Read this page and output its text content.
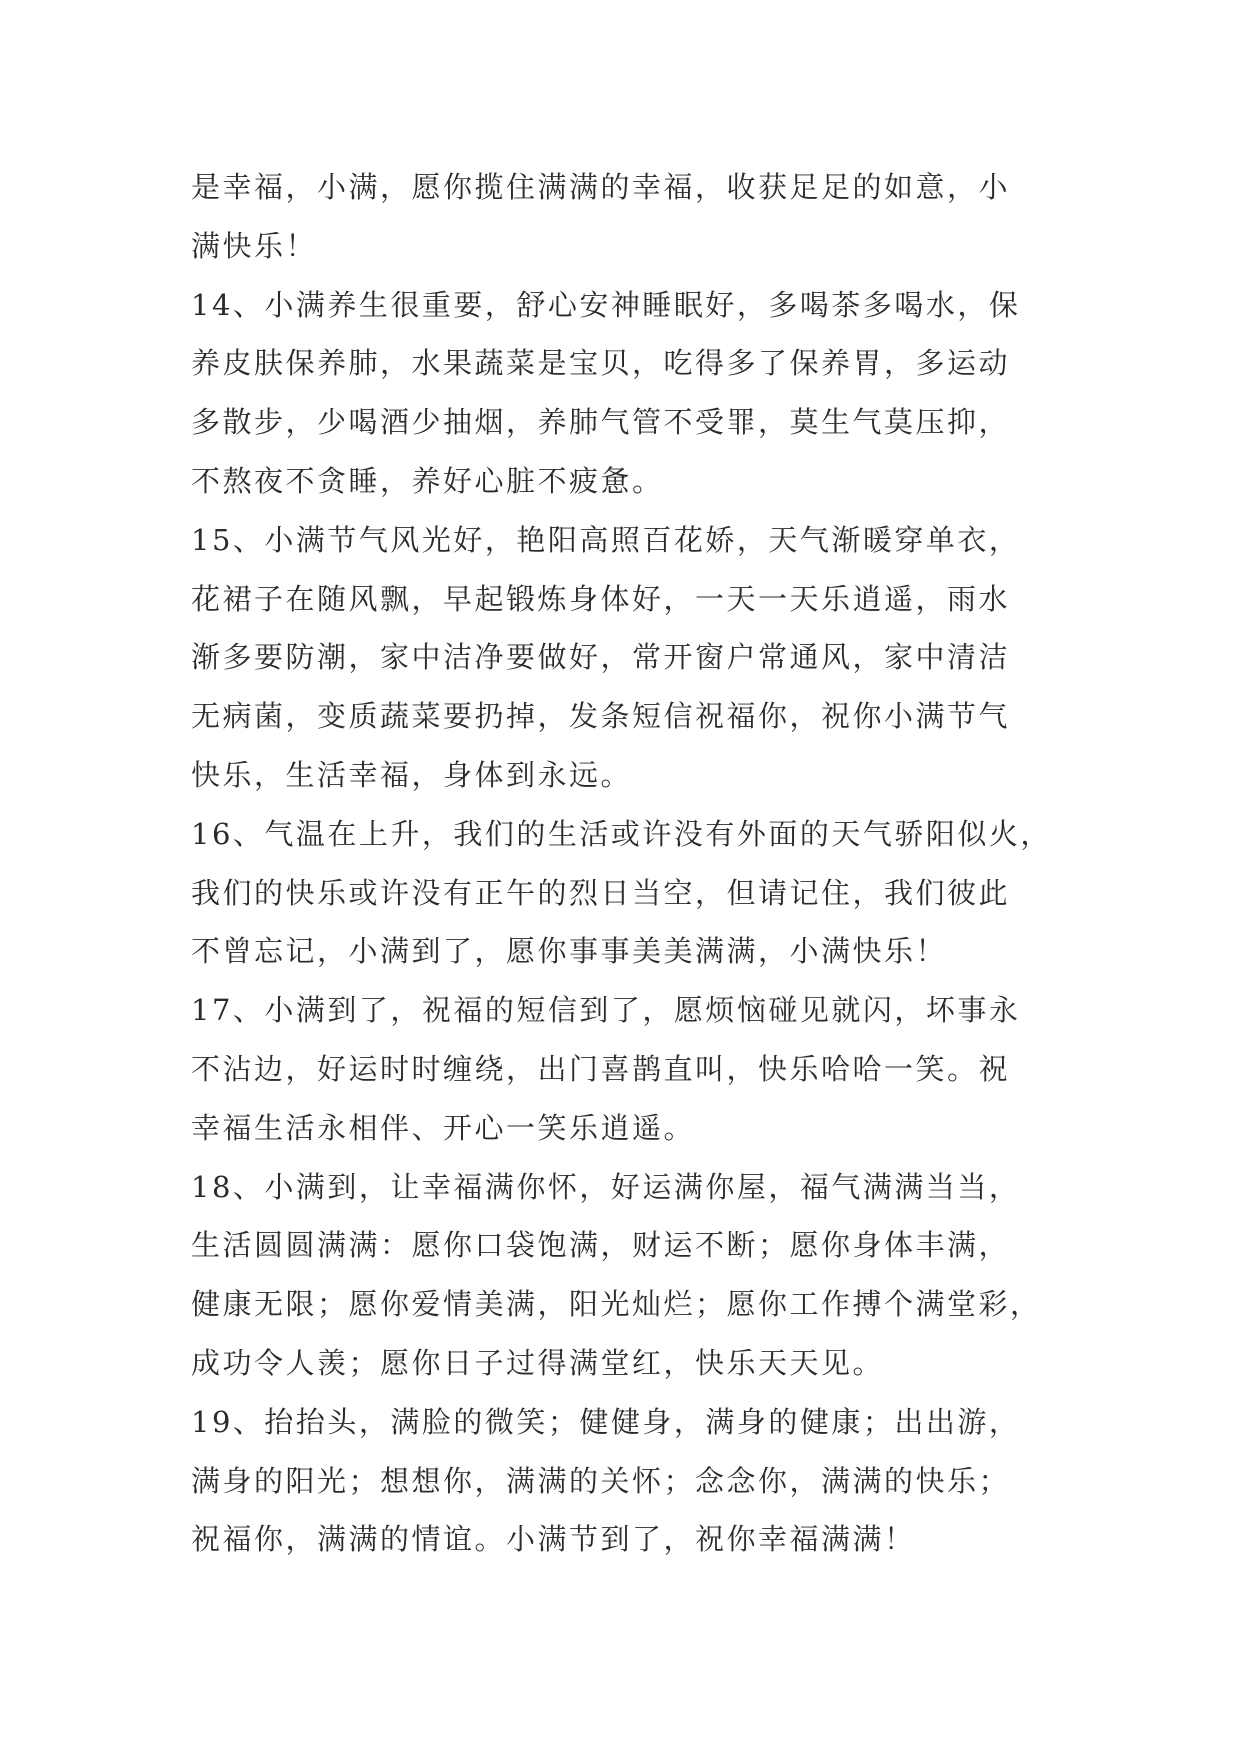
是幸福，小满，愿你揽住满满的幸福，收获足足的如意，小
满快乐！
14、小满养生很重要，舒心安神睡眠好，多喝茶多喝水，保
养皮肤保养肺，水果蔬菜是宝贝，吃得多了保养胃，多运动
多散步，少喝酒少抽烟，养肺气管不受罪，莫生气莫压抑，
不熬夜不贪睡，养好心脏不疲惫。
15、小满节气风光好，艳阳高照百花娇，天气渐暖穿单衣，
花裙子在随风飘，早起锻炼身体好，一天一天乐逍遥，雨水
渐多要防潮，家中洁净要做好，常开窗户常通风，家中清洁
无病菌，变质蔬菜要扔掉，发条短信祝福你，祝你小满节气
快乐，生活幸福，身体到永远。
16、气温在上升，我们的生活或许没有外面的天气骄阳似火，
我们的快乐或许没有正午的烈日当空，但请记住，我们彼此
不曾忘记，小满到了，愿你事事美美满满，小满快乐！
17、小满到了，祝福的短信到了，愿烦恼碰见就闪，坏事永
不沾边，好运时时缠绕，出门喜鹊直叫，快乐哈哈一笑。祝
幸福生活永相伴、开心一笑乐逍遥。
18、小满到，让幸福满你怀，好运满你屋，福气满满当当，
生活圆圆满满：愿你口袋饱满，财运不断；愿你身体丰满，
健康无限；愿你爱情美满，阳光灿烂；愿你工作搏个满堂彩，
成功令人羡；愿你日子过得满堂红，快乐天天见。
19、抬抬头，满脸的微笑；健健身，满身的健康；出出游，
满身的阳光；想想你，满满的关怀；念念你，满满的快乐；
祝福你，满满的情谊。小满节到了，祝你幸福满满！
